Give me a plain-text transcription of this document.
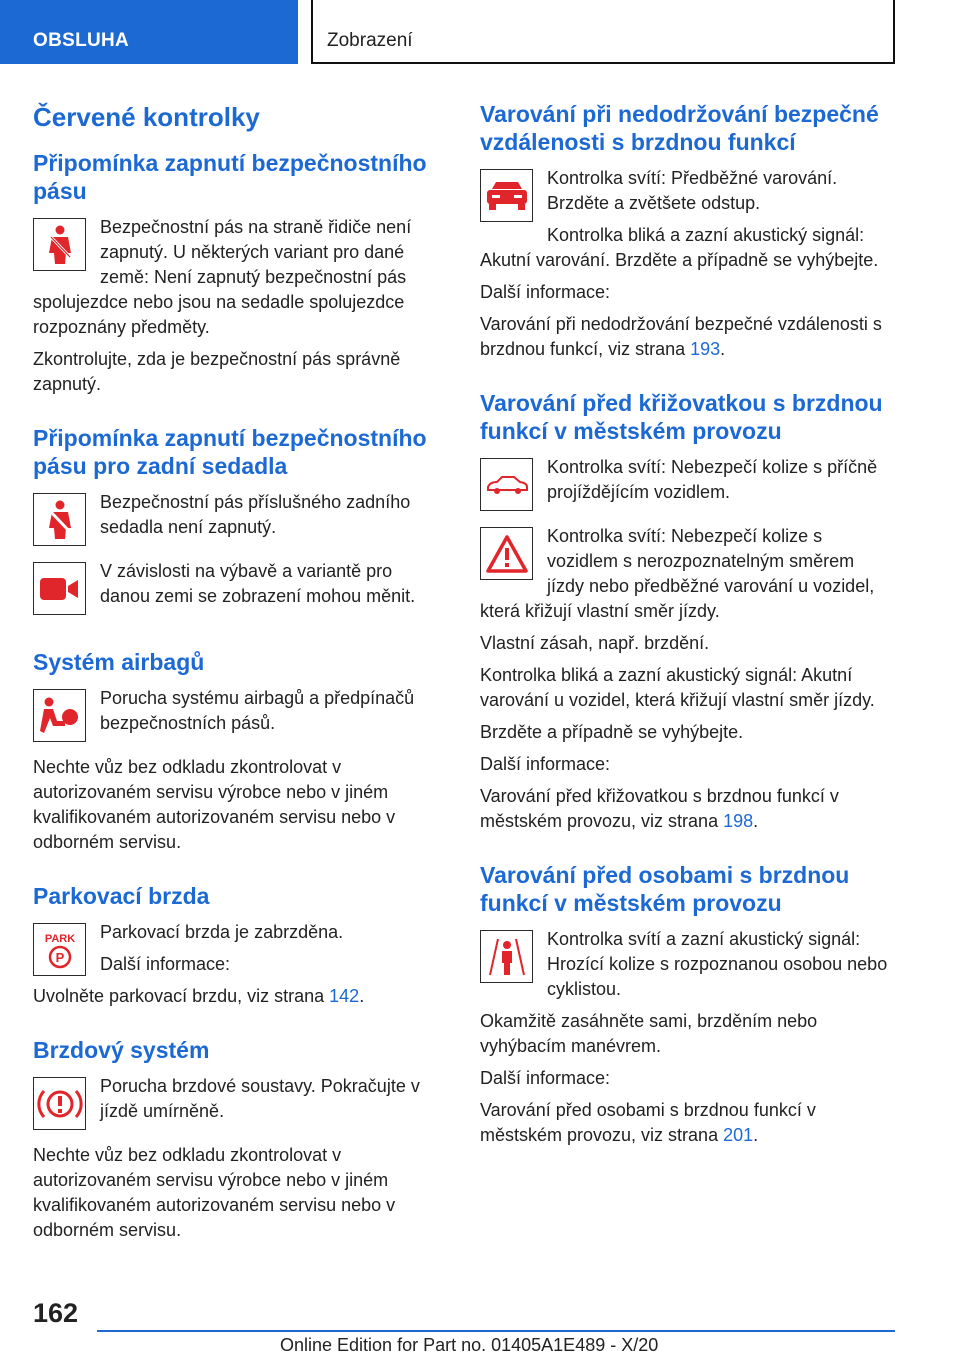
OBSLUHA	Zobrazení
Červené kontrolky
Připomínka zapnutí bezpečnostního pásu

Bezpečnostní pás na straně řidiče není zapnutý. U některých variant pro dané země: Není zapnutý bezpečnostní pás spolujezdce nebo jsou na sedadle spolujezdce rozpoznány předměty.

Zkontrolujte, zda je bezpečnostní pás správně zapnutý.

Připomínka zapnutí bezpečnostního pásu pro zadní sedadla

Bezpečnostní pás příslušného zadního sedadla není zapnutý.

V závislosti na výbavě a variantě pro danou zemi se zobrazení mohou měnit.

Systém airbagů

Porucha systému airbagů a předpínačů bezpečnostních pásů.

Nechte vůz bez odkladu zkontrolovat v autorizovaném servisu výrobce nebo v jiném kvalifikovaném autorizovaném servisu nebo v odborném servisu.

Parkovací brzda
PARK
P

Parkovací brzda je zabrzděna.

Další informace:

Uvolněte parkovací brzdu, viz strana 142.

Brzdový systém

Porucha brzdové soustavy. Pokračujte v jízdě umírněně.

Nechte vůz bez odkladu zkontrolovat v autorizovaném servisu výrobce nebo v jiném kvalifikovaném autorizovaném servisu nebo v odborném servisu.

Varování při nedodržování bezpečné vzdálenosti s brzdnou funkcí

Kontrolka svítí: Předběžné varování. Brzděte a zvětšete odstup.

Kontrolka bliká a zazní akustický signál: Akutní varování. Brzděte a případně se vyhýbejte.

Další informace:

Varování při nedodržování bezpečné vzdálenosti s brzdnou funkcí, viz strana 193.

Varování před křižovatkou s brzdnou funkcí v městském provozu

Kontrolka svítí: Nebezpečí kolize s příčně projíždějícím vozidlem.

Kontrolka svítí: Nebezpečí kolize s vozidlem s nerozpoznatelným směrem jízdy nebo předběžné varování u vozidel, která křižují vlastní směr jízdy.

Vlastní zásah, např. brzdění.

Kontrolka bliká a zazní akustický signál: Akutní varování u vozidel, která křižují vlastní směr jízdy.

Brzděte a případně se vyhýbejte.

Další informace:

Varování před křižovatkou s brzdnou funkcí v městském provozu, viz strana 198.

Varování před osobami s brzdnou funkcí v městském provozu

Kontrolka svítí a zazní akustický signál: Hrozící kolize s rozpoznanou osobou nebo cyklistou.

Okamžitě zasáhněte sami, brzděním nebo vyhýbacím manévrem.

Další informace:

Varování před osobami s brzdnou funkcí v městském provozu, viz strana 201.

162
Online Edition for Part no. 01405A1E489 - X/20
